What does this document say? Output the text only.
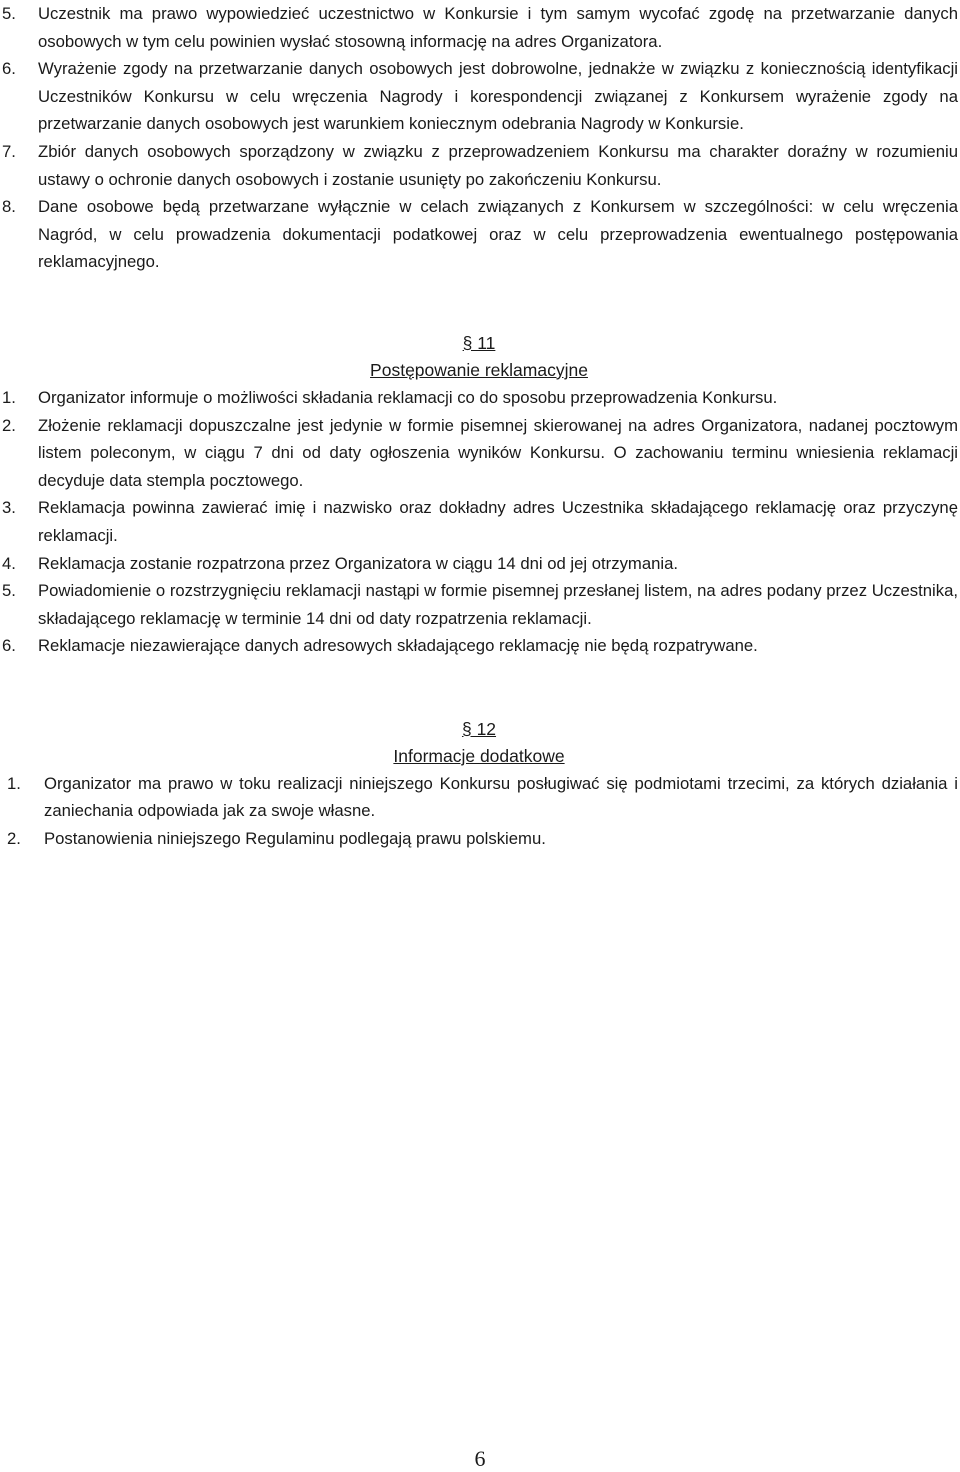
5.	Uczestnik ma prawo wypowiedzieć uczestnictwo w Konkursie i tym samym wycofać zgodę na przetwarzanie danych osobowych w tym celu powinien wysłać stosowną informację na adres Organizatora.
6.	Wyrażenie zgody na przetwarzanie danych osobowych jest dobrowolne, jednakże w związku z koniecznością identyfikacji Uczestników Konkursu w celu wręczenia Nagrody i korespondencji związanej z Konkursem wyrażenie zgody na przetwarzanie danych osobowych jest warunkiem koniecznym odebrania Nagrody w Konkursie.
7.	Zbiór danych osobowych sporządzony w związku z przeprowadzeniem Konkursu ma charakter doraźny w rozumieniu ustawy o ochronie danych osobowych i zostanie usunięty po zakończeniu Konkursu.
8.	Dane osobowe będą przetwarzane wyłącznie w celach związanych z Konkursem w szczególności: w celu wręczenia Nagród, w celu prowadzenia dokumentacji podatkowej oraz w celu przeprowadzenia ewentualnego postępowania reklamacyjnego.
§ 11
Postępowanie reklamacyjne
1.	Organizator informuje o możliwości składania reklamacji co do sposobu przeprowadzenia Konkursu.
2.	Złożenie reklamacji dopuszczalne jest jedynie w formie pisemnej skierowanej na adres Organizatora, nadanej pocztowym listem poleconym, w ciągu 7 dni od daty ogłoszenia wyników Konkursu. O zachowaniu terminu wniesienia reklamacji decyduje data stempla pocztowego.
3.	Reklamacja powinna zawierać imię i nazwisko oraz dokładny adres Uczestnika składającego reklamację oraz przyczynę reklamacji.
4.	Reklamacja zostanie rozpatrzona przez Organizatora w ciągu 14 dni od jej otrzymania.
5.	Powiadomienie o rozstrzygnięciu reklamacji nastąpi w formie pisemnej przesłanej listem, na adres podany przez Uczestnika, składającego reklamację w terminie 14 dni od daty rozpatrzenia reklamacji.
6.	Reklamacje niezawierające danych adresowych składającego reklamację nie będą rozpatrywane.
§ 12
Informacje dodatkowe
1.	Organizator ma prawo w toku realizacji niniejszego Konkursu posługiwać się podmiotami trzecimi, za których działania i zaniechania odpowiada jak za swoje własne.
2.	Postanowienia niniejszego Regulaminu podlegają prawu polskiemu.
6
